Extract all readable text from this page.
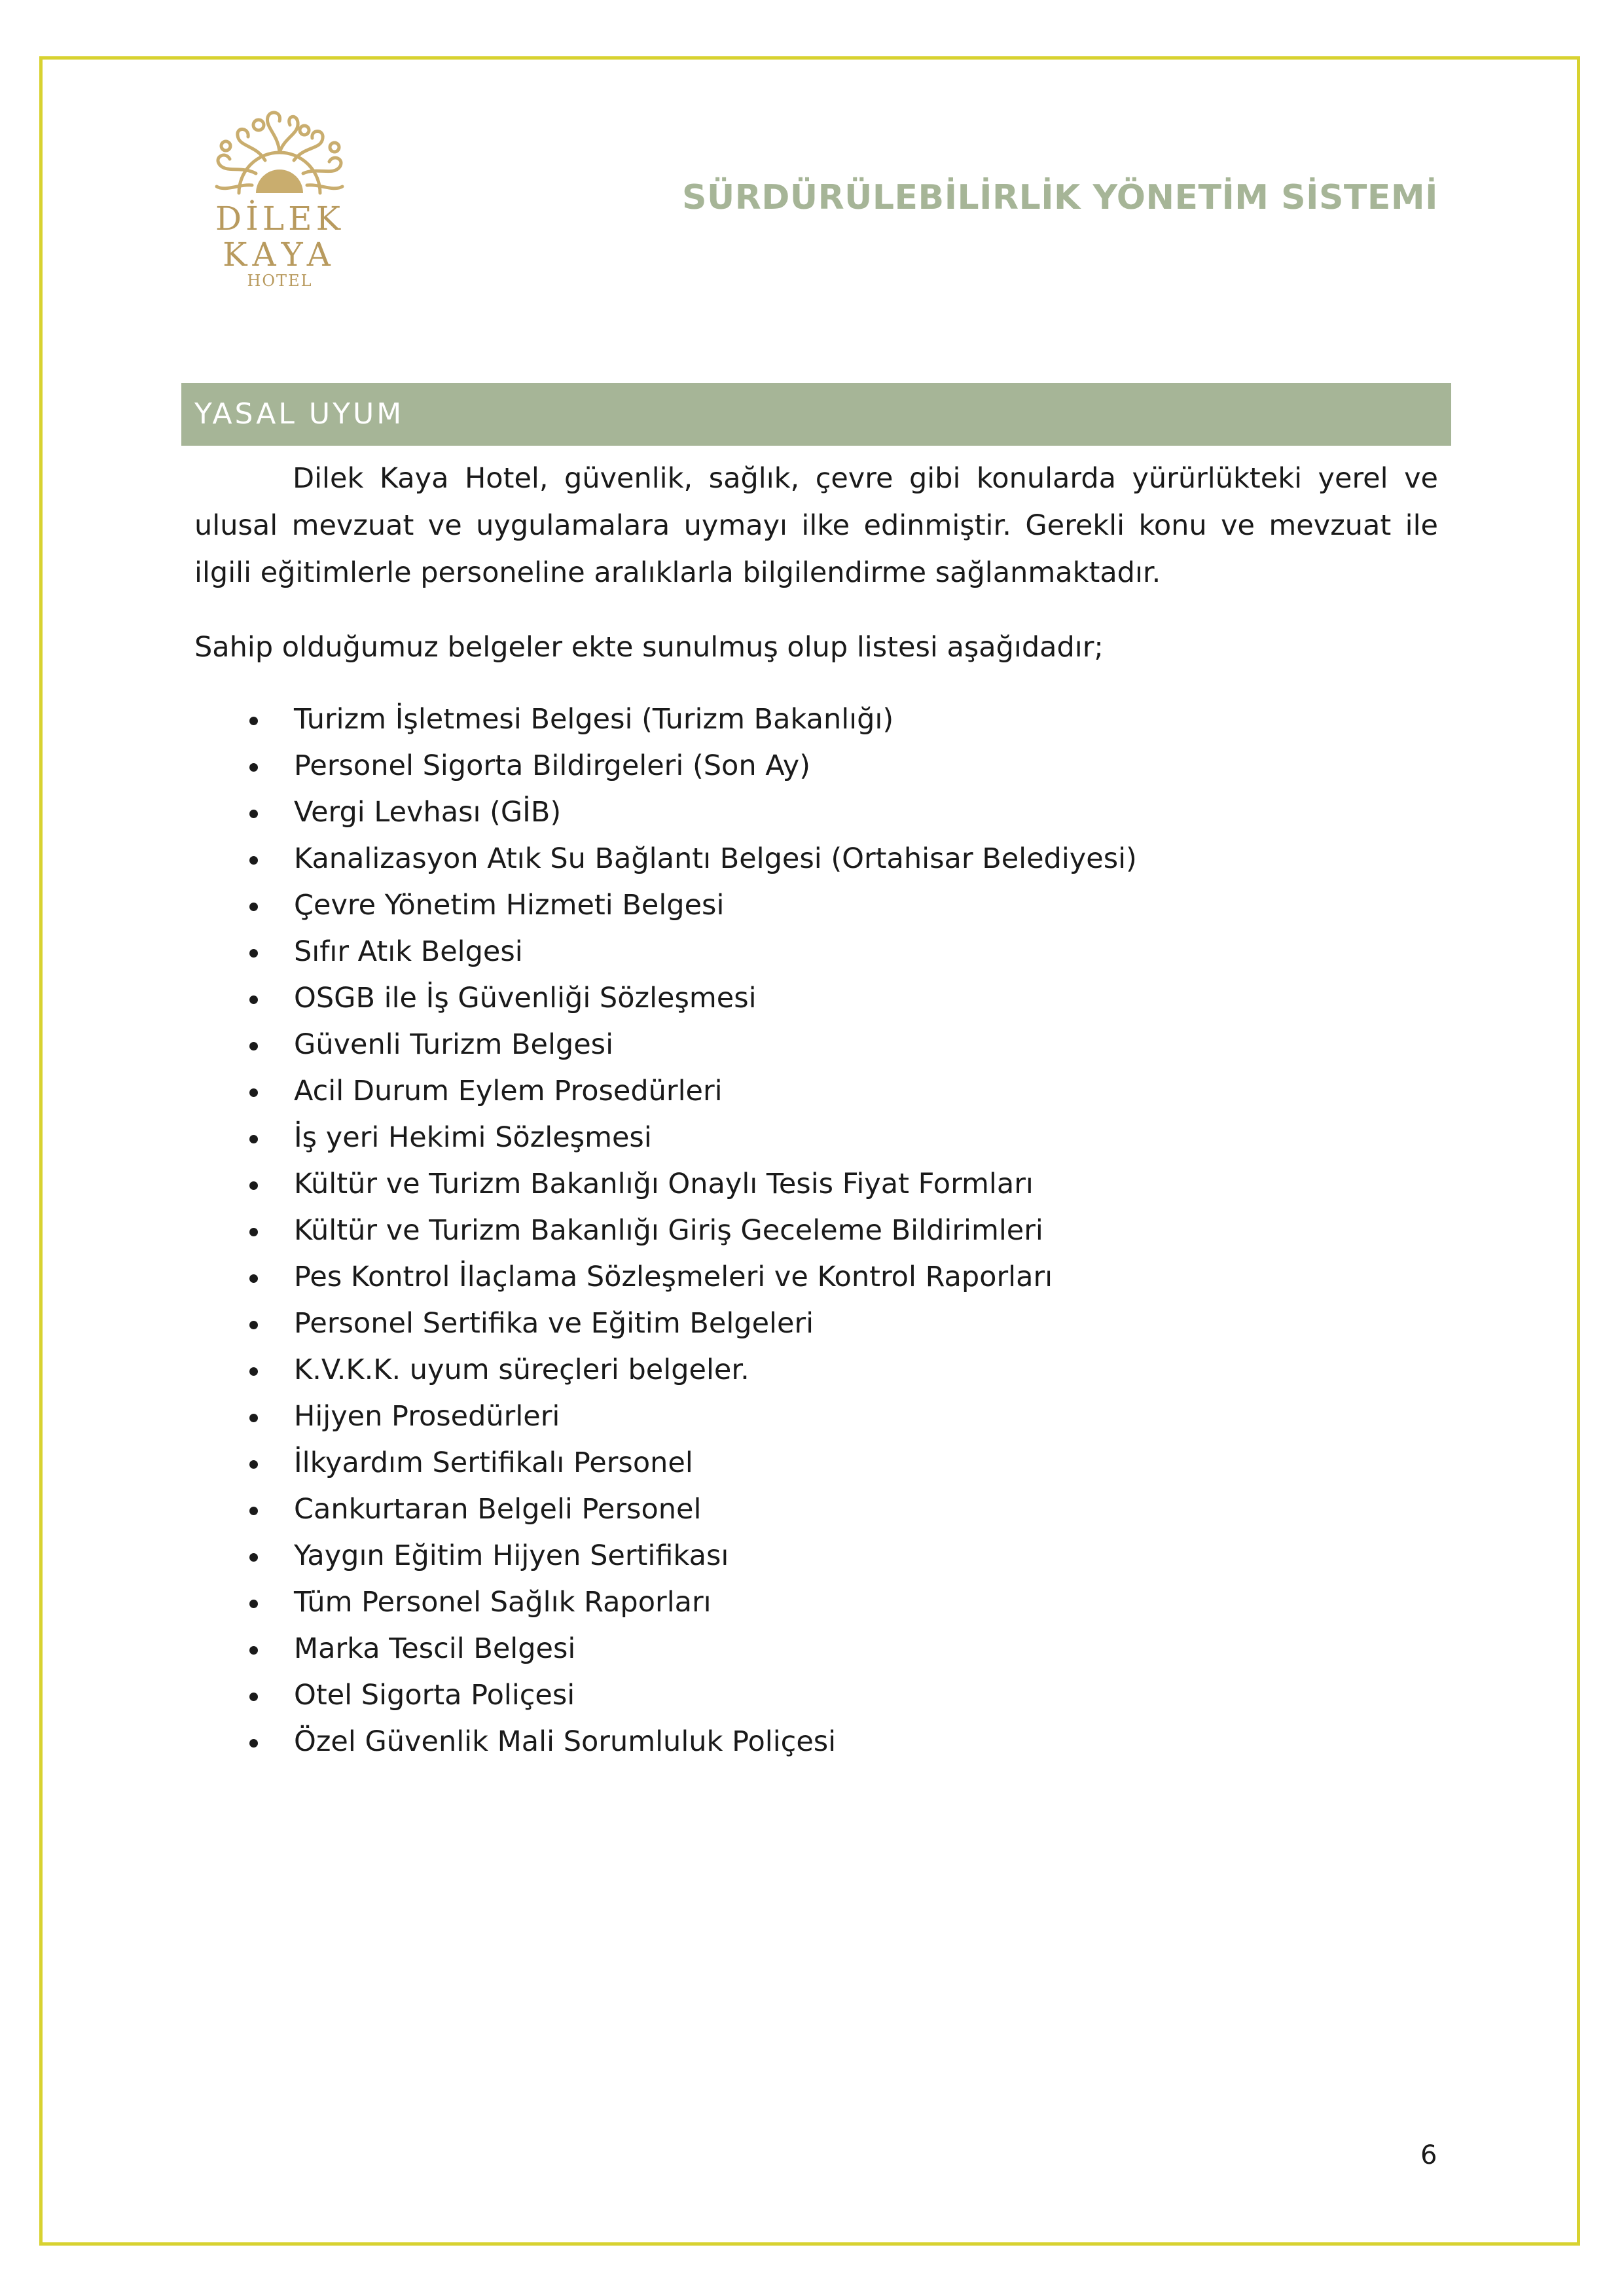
DİLEK
KAYA
HOTEL
SÜRDÜRÜLEBİLİRLİK YÖNETİM SİSTEMİ
YASAL UYUM

Dilek Kaya Hotel, güvenlik, sağlık, çevre gibi konularda yürürlükteki yerel ve ulusal mevzuat ve uygulamalara uymayı ilke edinmiştir. Gerekli konu ve mevzuat ile ilgili eğitimlerle personeline aralıklarla bilgilendirme sağlanmaktadır.

Sahip olduğumuz belgeler ekte sunulmuş olup listesi aşağıdadır;

Turizm İşletmesi Belgesi (Turizm Bakanlığı)
Personel Sigorta Bildirgeleri (Son Ay)
Vergi Levhası (GİB)
Kanalizasyon Atık Su Bağlantı Belgesi (Ortahisar Belediyesi)
Çevre Yönetim Hizmeti Belgesi
Sıfır Atık Belgesi
OSGB ile İş Güvenliği Sözleşmesi
Güvenli Turizm Belgesi
Acil Durum Eylem Prosedürleri
İş yeri Hekimi Sözleşmesi
Kültür ve Turizm Bakanlığı Onaylı Tesis Fiyat Formları
Kültür ve Turizm Bakanlığı Giriş Geceleme Bildirimleri
Pes Kontrol İlaçlama Sözleşmeleri ve Kontrol Raporları
Personel Sertifika ve Eğitim Belgeleri
K.V.K.K. uyum süreçleri belgeler.
Hijyen Prosedürleri
İlkyardım Sertifikalı Personel
Cankurtaran Belgeli Personel
Yaygın Eğitim Hijyen Sertifikası
Tüm Personel Sağlık Raporları
Marka Tescil Belgesi
Otel Sigorta Poliçesi
Özel Güvenlik Mali Sorumluluk Poliçesi
6
